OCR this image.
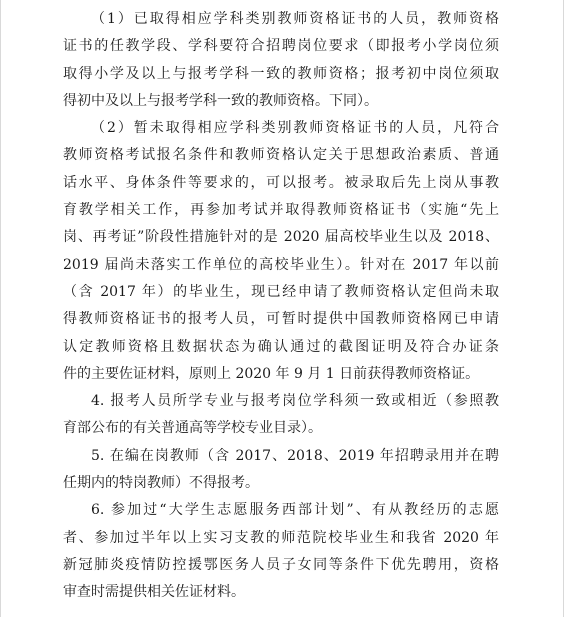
（1）已取得相应学科类别教师资格证书的人员，教师资格
证书的任教学段、学科要符合招聘岗位要求（即报考小学岗位须
取得小学及以上与报考学科一致的教师资格；报考初中岗位须取
得初中及以上与报考学科一致的教师资格。下同）。
（2）暂未取得相应学科类别教师资格证书的人员，凡符合
教师资格考试报名条件和教师资格认定关于思想政治素质、普通
话水平、身体条件等要求的，可以报考。被录取后先上岗从事教
育教学相关工作，再参加考试并取得教师资格证书（实施“先上
岗、再考证”阶段性措施针对的是 2020 届高校毕业生以及 2018、
2019 届尚未落实工作单位的高校毕业生）。针对在 2017 年以前
（含 2017 年）的毕业生，现已经申请了教师资格认定但尚未取
得教师资格证书的报考人员，可暂时提供中国教师资格网已申请
认定教师资格且数据状态为确认通过的截图证明及符合办证条
件的主要佐证材料，原则上 2020 年 9 月 1 日前获得教师资格证。
4. 报考人员所学专业与报考岗位学科须一致或相近（参照教
育部公布的有关普通高等学校专业目录）。
5. 在编在岗教师（含 2017、2018、2019 年招聘录用并在聘
任期内的特岗教师）不得报考。
6. 参加过“大学生志愿服务西部计划”、有从教经历的志愿
者、参加过半年以上实习支教的师范院校毕业生和我省 2020 年
新冠肺炎疫情防控援鄂医务人员子女同等条件下优先聘用，资格
审查时需提供相关佐证材料。
